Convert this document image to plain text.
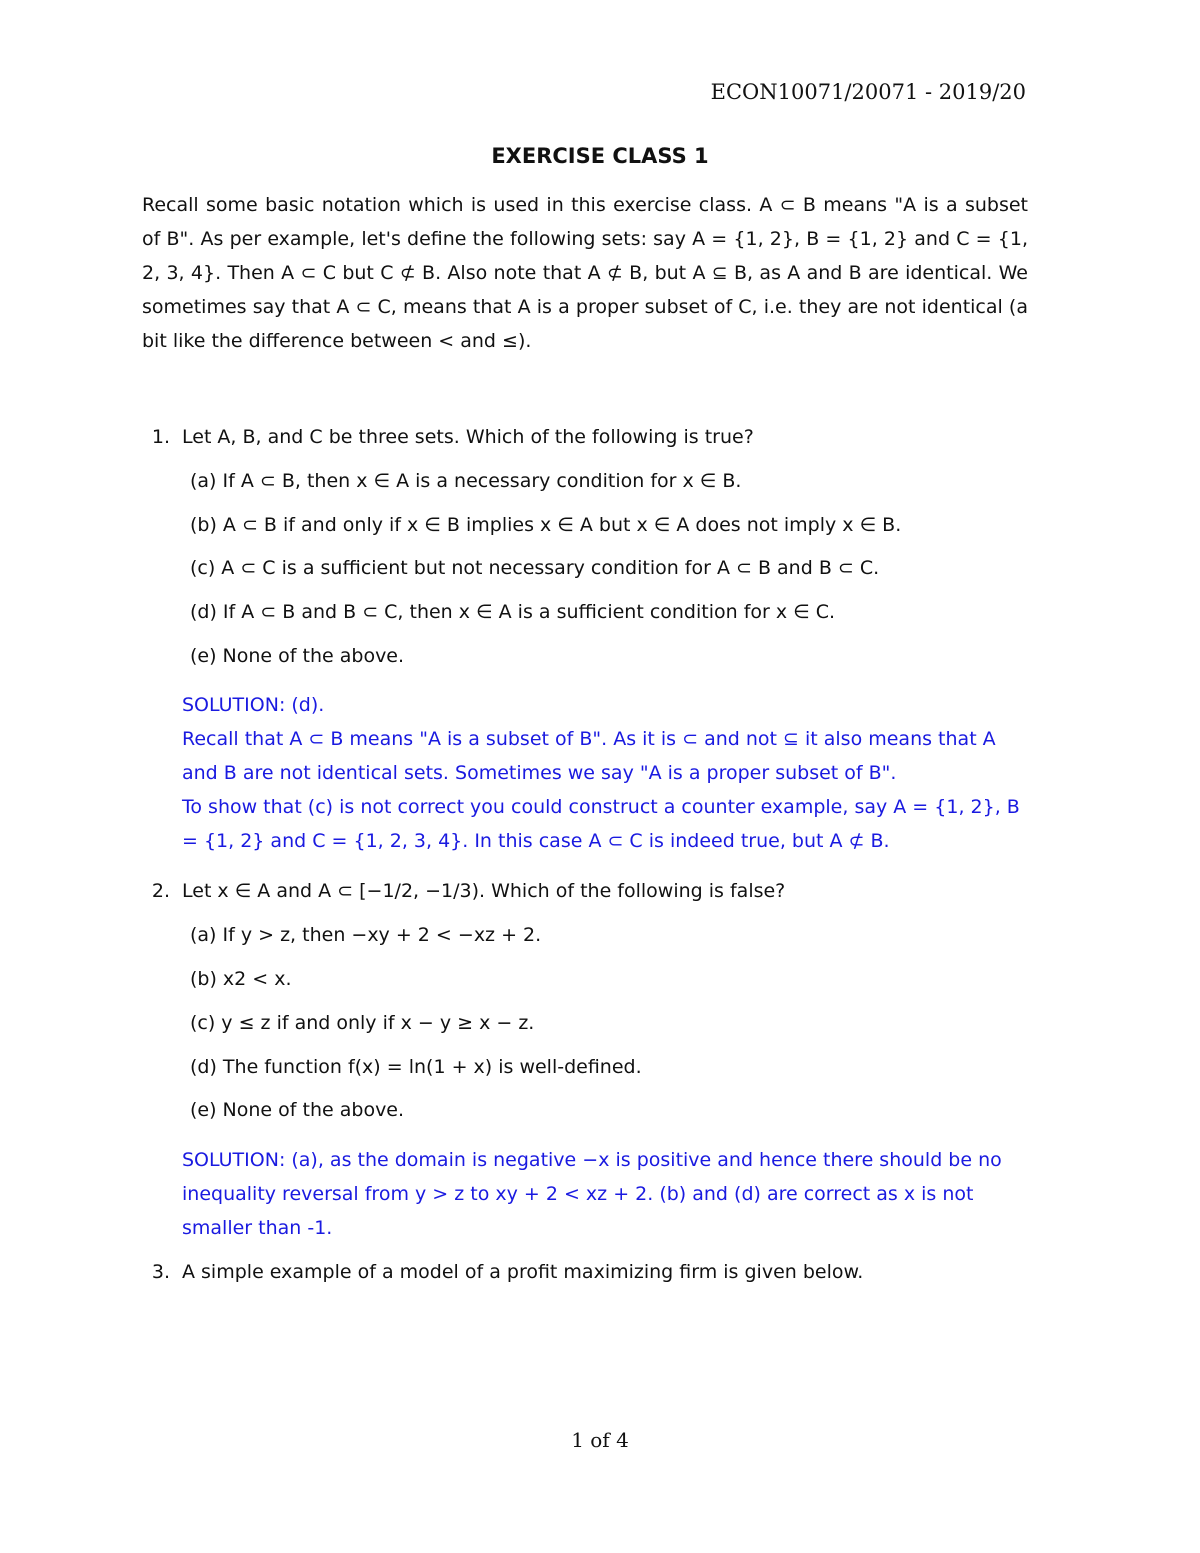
ECON10071/20071 - 2019/20
EXERCISE CLASS 1
Recall some basic notation which is used in this exercise class. A ⊂ B means "A is a subset of B". As per example, let's define the following sets: say A = {1, 2}, B = {1, 2} and C = {1, 2, 3, 4}. Then A ⊂ C but C ⊄ B. Also note that A ⊄ B, but A ⊆ B, as A and B are identical. We sometimes say that A ⊂ C, means that A is a proper subset of C, i.e. they are not identical (a bit like the difference between < and ≤).
1. Let A, B, and C be three sets. Which of the following is true?
(a) If A ⊂ B, then x ∈ A is a necessary condition for x ∈ B.
(b) A ⊂ B if and only if x ∈ B implies x ∈ A but x ∈ A does not imply x ∈ B.
(c) A ⊂ C is a sufficient but not necessary condition for A ⊂ B and B ⊂ C.
(d) If A ⊂ B and B ⊂ C, then x ∈ A is a sufficient condition for x ∈ C.
(e) None of the above.

SOLUTION: (d).

Recall that A ⊂ B means "A is a subset of B". As it is ⊂ and not ⊆ it also means that A and B are not identical sets. Sometimes we say "A is a proper subset of B".

To show that (c) is not correct you could construct a counter example, say A = {1, 2}, B = {1, 2} and C = {1, 2, 3, 4}. In this case A ⊂ C is indeed true, but A ⊄ B.

2. Let x ∈ A and A ⊂ [−1/2, −1/3). Which of the following is false?
(a) If y > z, then −xy + 2 < −xz + 2.
(b) x2 < x.
(c) y ≤ z if and only if x − y ≥ x − z.
(d) The function f(x) = ln(1 + x) is well-defined.
(e) None of the above.

SOLUTION: (a), as the domain is negative −x is positive and hence there should be no inequality reversal from y > z to xy + 2 < xz + 2. (b) and (d) are correct as x is not smaller than -1.

3. A simple example of a model of a profit maximizing firm is given below.
1 of 4
